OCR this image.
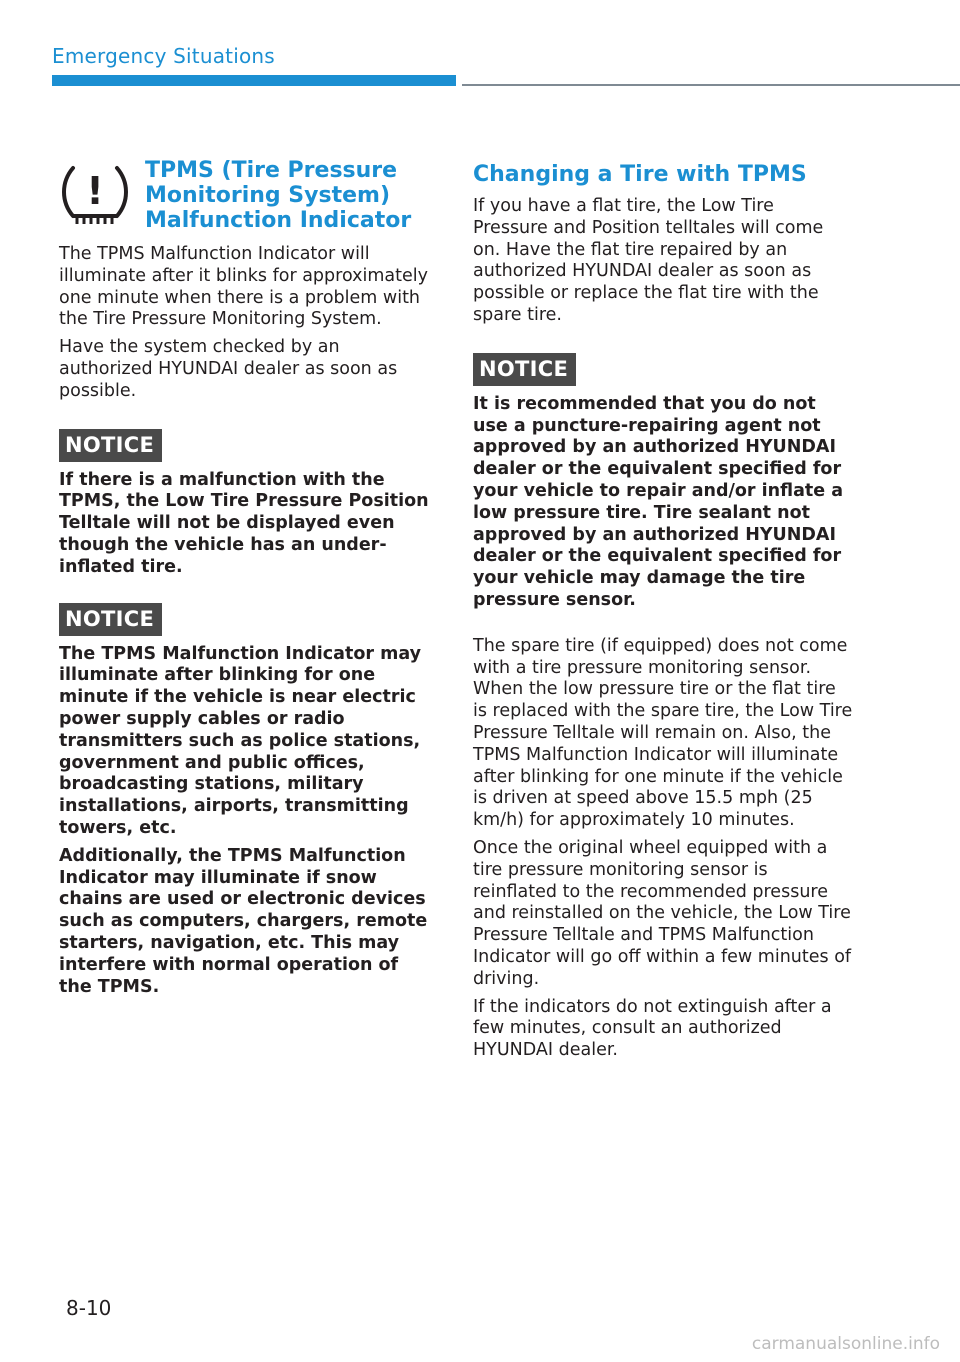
Emergency Situations
! TPMS (Tire Pressure
Monitoring System)
Malfunction Indicator

The TPMS Malfunction Indicator will illuminate after it blinks for approximately one minute when there is a problem with the Tire Pressure Monitoring System.

Have the system checked by an authorized HYUNDAI dealer as soon as possible.

NOTICE

If there is a malfunction with the TPMS, the Low Tire Pressure Position Telltale will not be displayed even though the vehicle has an under-inflated tire.

NOTICE

The TPMS Malfunction Indicator may illuminate after blinking for one minute if the vehicle is near electric power supply cables or radio transmitters such as police stations, government and public offices, broadcasting stations, military installations, airports, transmitting towers, etc.

Additionally, the TPMS Malfunction Indicator may illuminate if snow chains are used or electronic devices such as computers, chargers, remote starters, navigation, etc. This may interfere with normal operation of the TPMS.

Changing a Tire with TPMS

If you have a flat tire, the Low Tire Pressure and Position telltales will come on. Have the flat tire repaired by an authorized HYUNDAI dealer as soon as possible or replace the flat tire with the spare tire.

NOTICE

It is recommended that you do not use a puncture-repairing agent not approved by an authorized HYUNDAI dealer or the equivalent specified for your vehicle to repair and/or inflate a low pressure tire. Tire sealant not approved by an authorized HYUNDAI dealer or the equivalent specified for your vehicle may damage the tire pressure sensor.

The spare tire (if equipped) does not come with a tire pressure monitoring sensor. When the low pressure tire or the flat tire is replaced with the spare tire, the Low Tire Pressure Telltale will remain on. Also, the TPMS Malfunction Indicator will illuminate after blinking for one minute if the vehicle is driven at speed above 15.5 mph (25 km/h) for approximately 10 minutes.

Once the original wheel equipped with a tire pressure monitoring sensor is reinflated to the recommended pressure and reinstalled on the vehicle, the Low Tire Pressure Telltale and TPMS Malfunction Indicator will go off within a few minutes of driving.

If the indicators do not extinguish after a few minutes, consult an authorized HYUNDAI dealer.

8-10
carmanualsonline.info
